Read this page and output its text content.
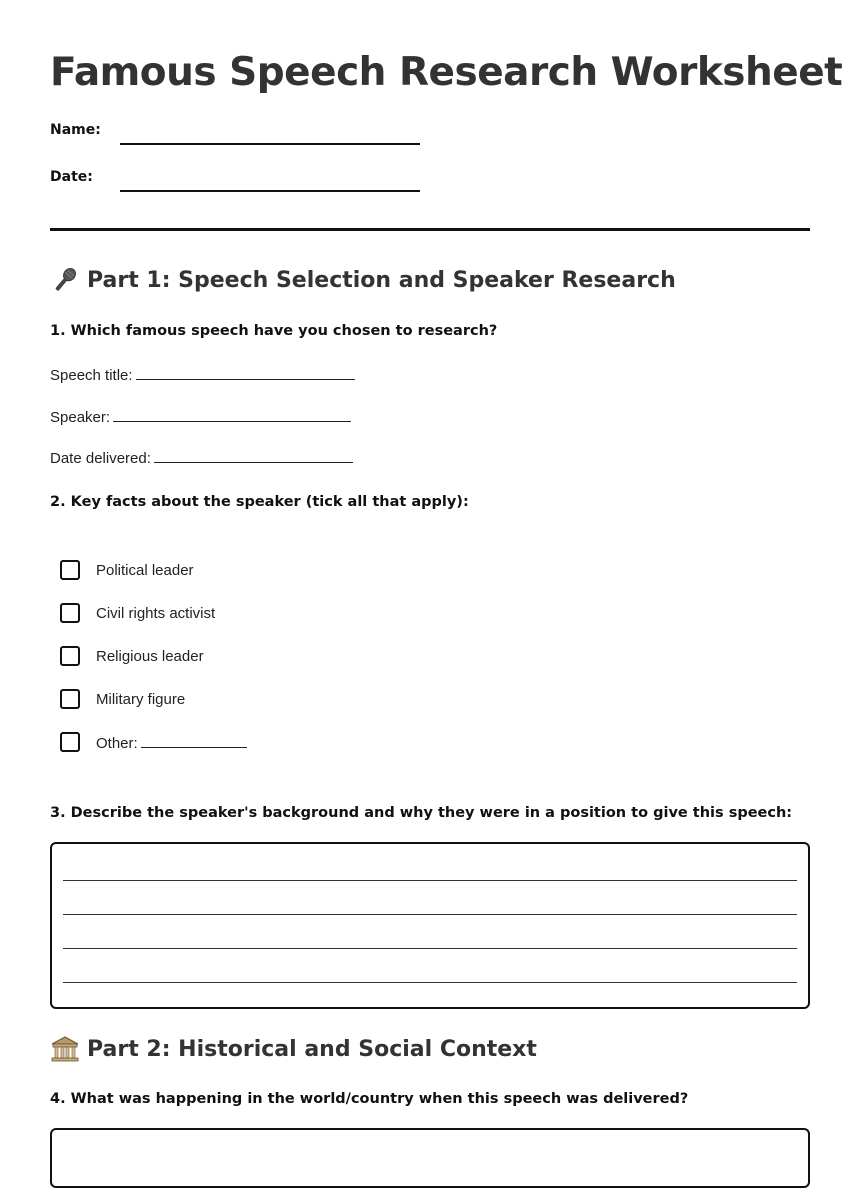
Famous Speech Research Worksheet
Name:
Date:
Part 1: Speech Selection and Speaker Research
1. Which famous speech have you chosen to research?
Speech title:
Speaker:
Date delivered:
2. Key facts about the speaker (tick all that apply):
Political leader
Civil rights activist
Religious leader
Military figure
Other:
3. Describe the speaker's background and why they were in a position to give this speech:
Part 2: Historical and Social Context
4. What was happening in the world/country when this speech was delivered?
